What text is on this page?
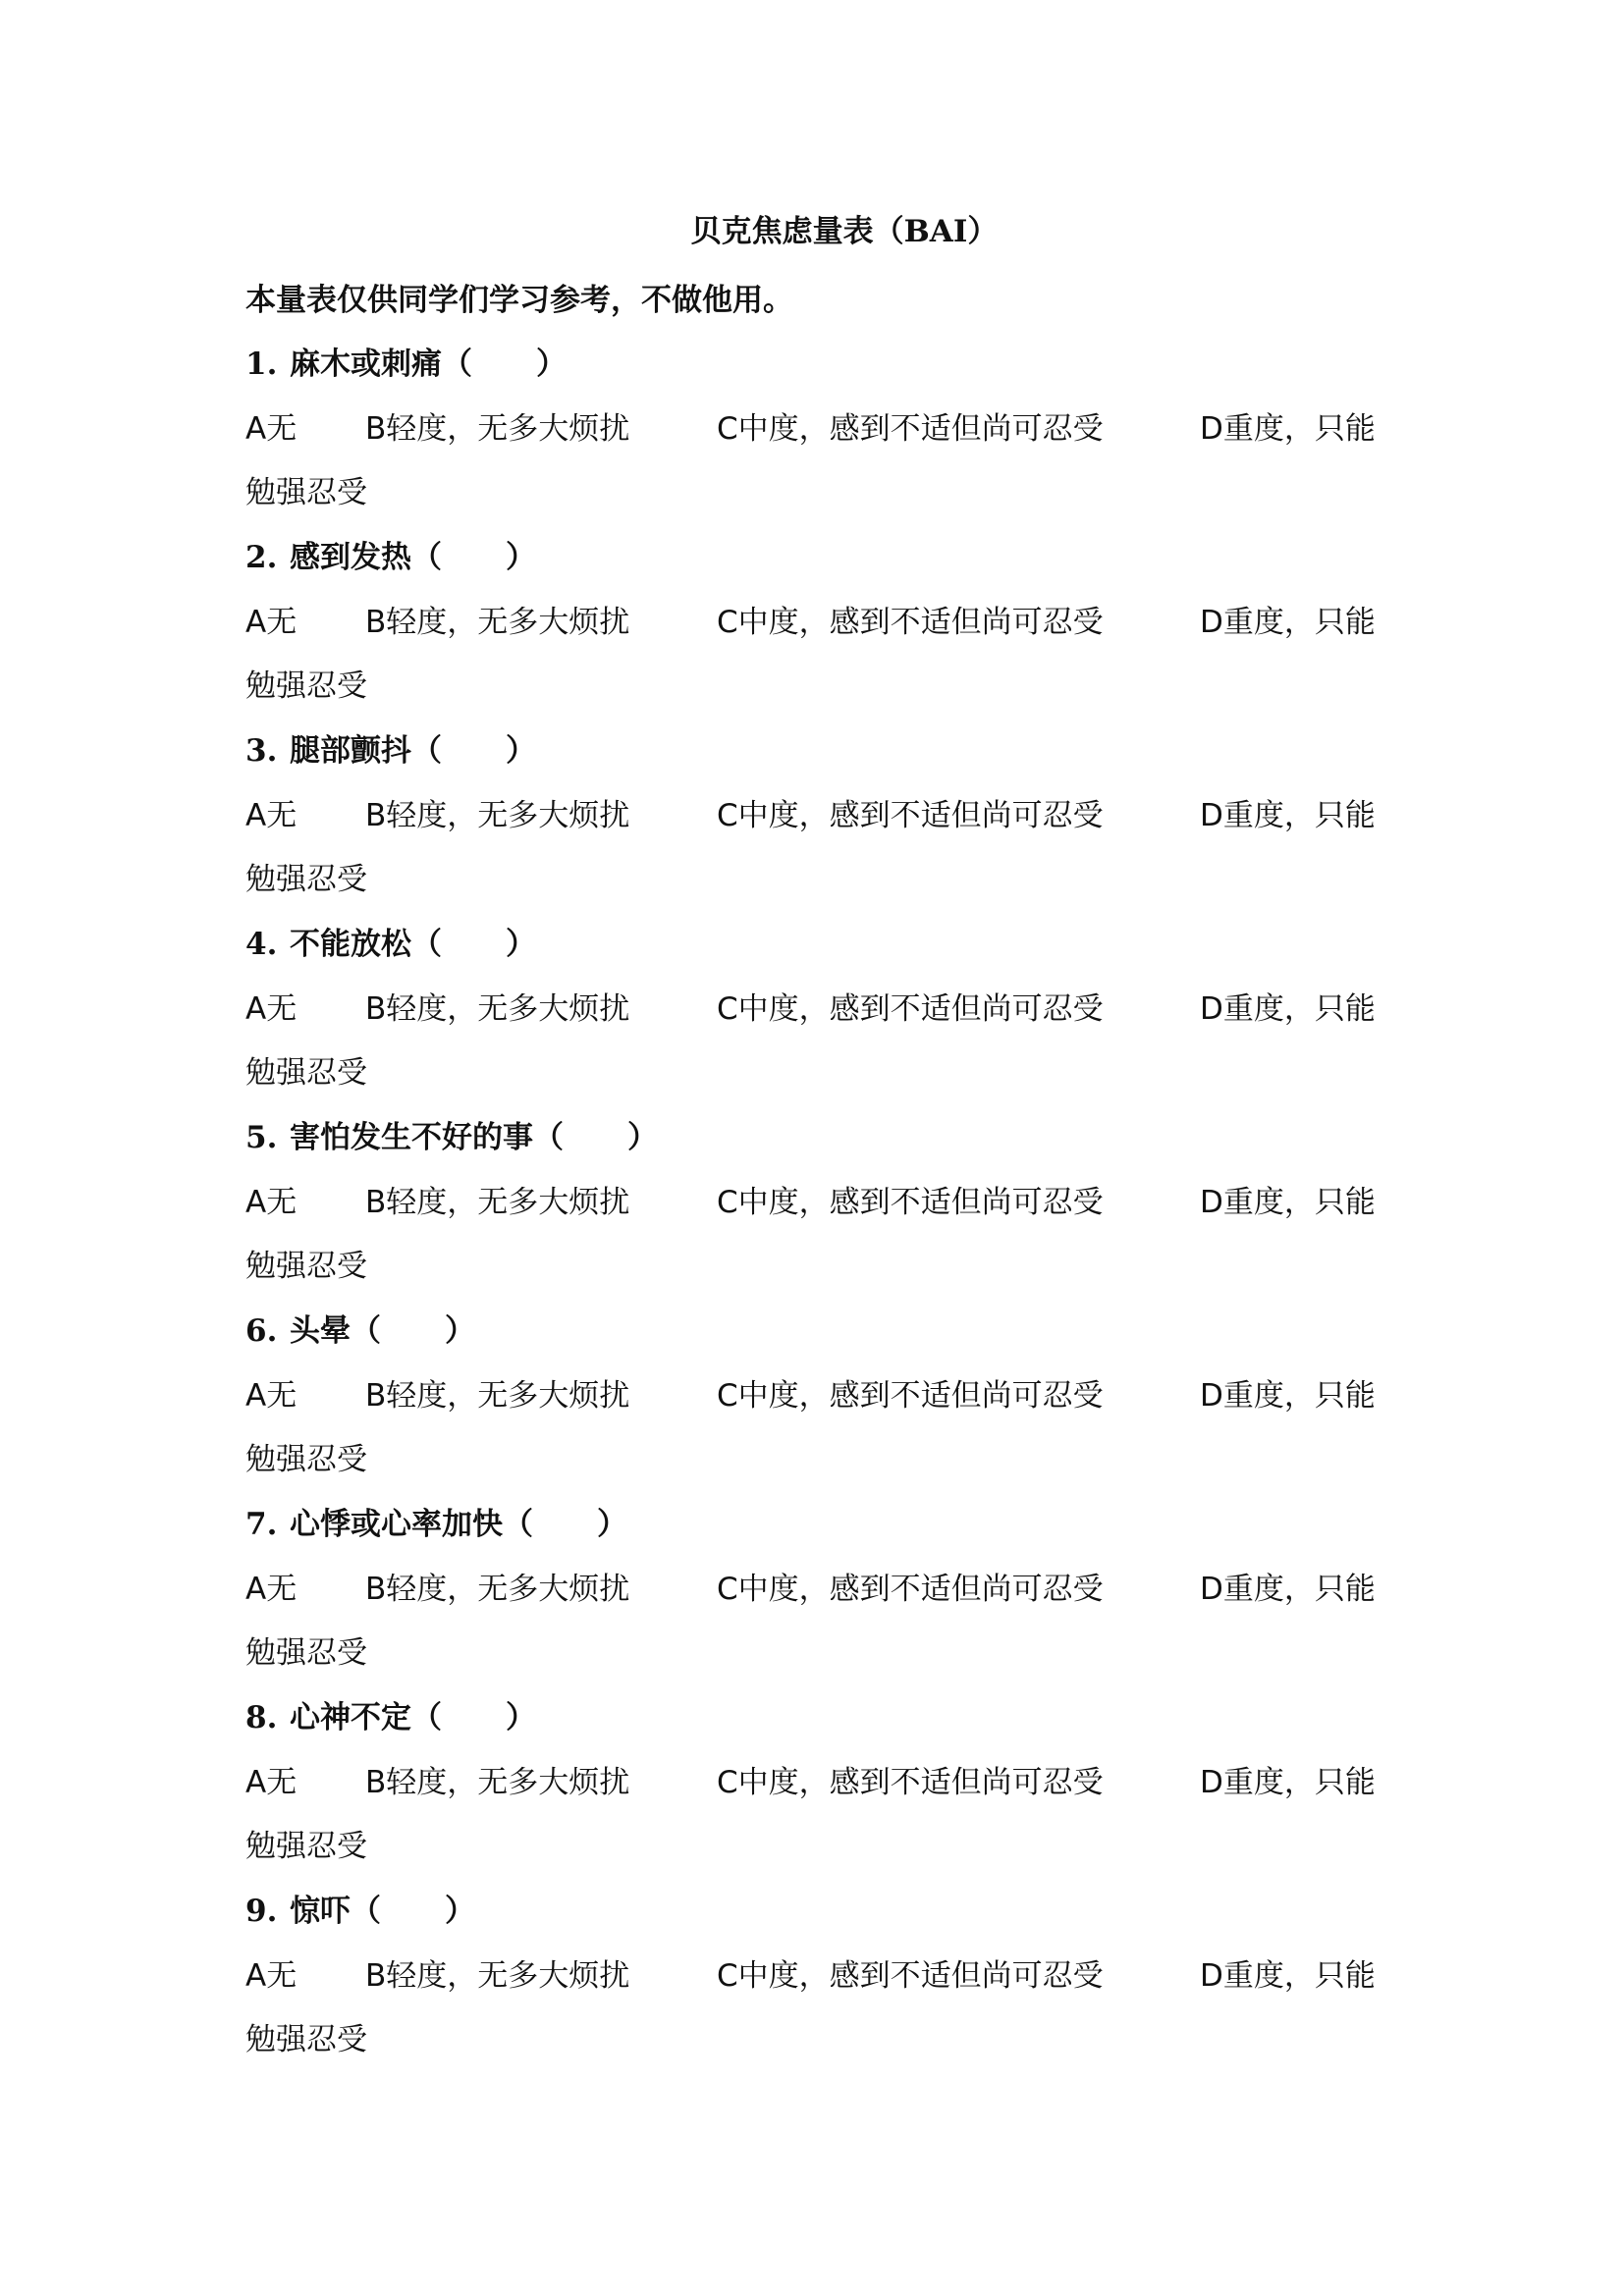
贝克焦虑量表（BAI）
本量表仅供同学们学习参考，不做他用。
1. 麻木或刺痛（ ）
A无 B轻度，无多大烦扰	C中度，感到不适但尚可忍受	D重度，只能
勉强忍受
2. 感到发热（ ）
A无 B轻度，无多大烦扰	C中度，感到不适但尚可忍受	D重度，只能
勉强忍受
3. 腿部颤抖（ ）
A无 B轻度，无多大烦扰	C中度，感到不适但尚可忍受	D重度，只能
勉强忍受
4. 不能放松（ ）
A无 B轻度，无多大烦扰	C中度，感到不适但尚可忍受	D重度，只能
勉强忍受
5. 害怕发生不好的事（ ）
A无 B轻度，无多大烦扰	C中度，感到不适但尚可忍受	D重度，只能
勉强忍受
6. 头晕（ ）
A无 B轻度，无多大烦扰	C中度，感到不适但尚可忍受	D重度，只能
勉强忍受
7. 心悸或心率加快（ ）
A无 B轻度，无多大烦扰	C中度，感到不适但尚可忍受	D重度，只能
勉强忍受
8. 心神不定（ ）
A无 B轻度，无多大烦扰	C中度，感到不适但尚可忍受	D重度，只能
勉强忍受
9. 惊吓（ ）
A无 B轻度，无多大烦扰	C中度，感到不适但尚可忍受	D重度，只能
勉强忍受
